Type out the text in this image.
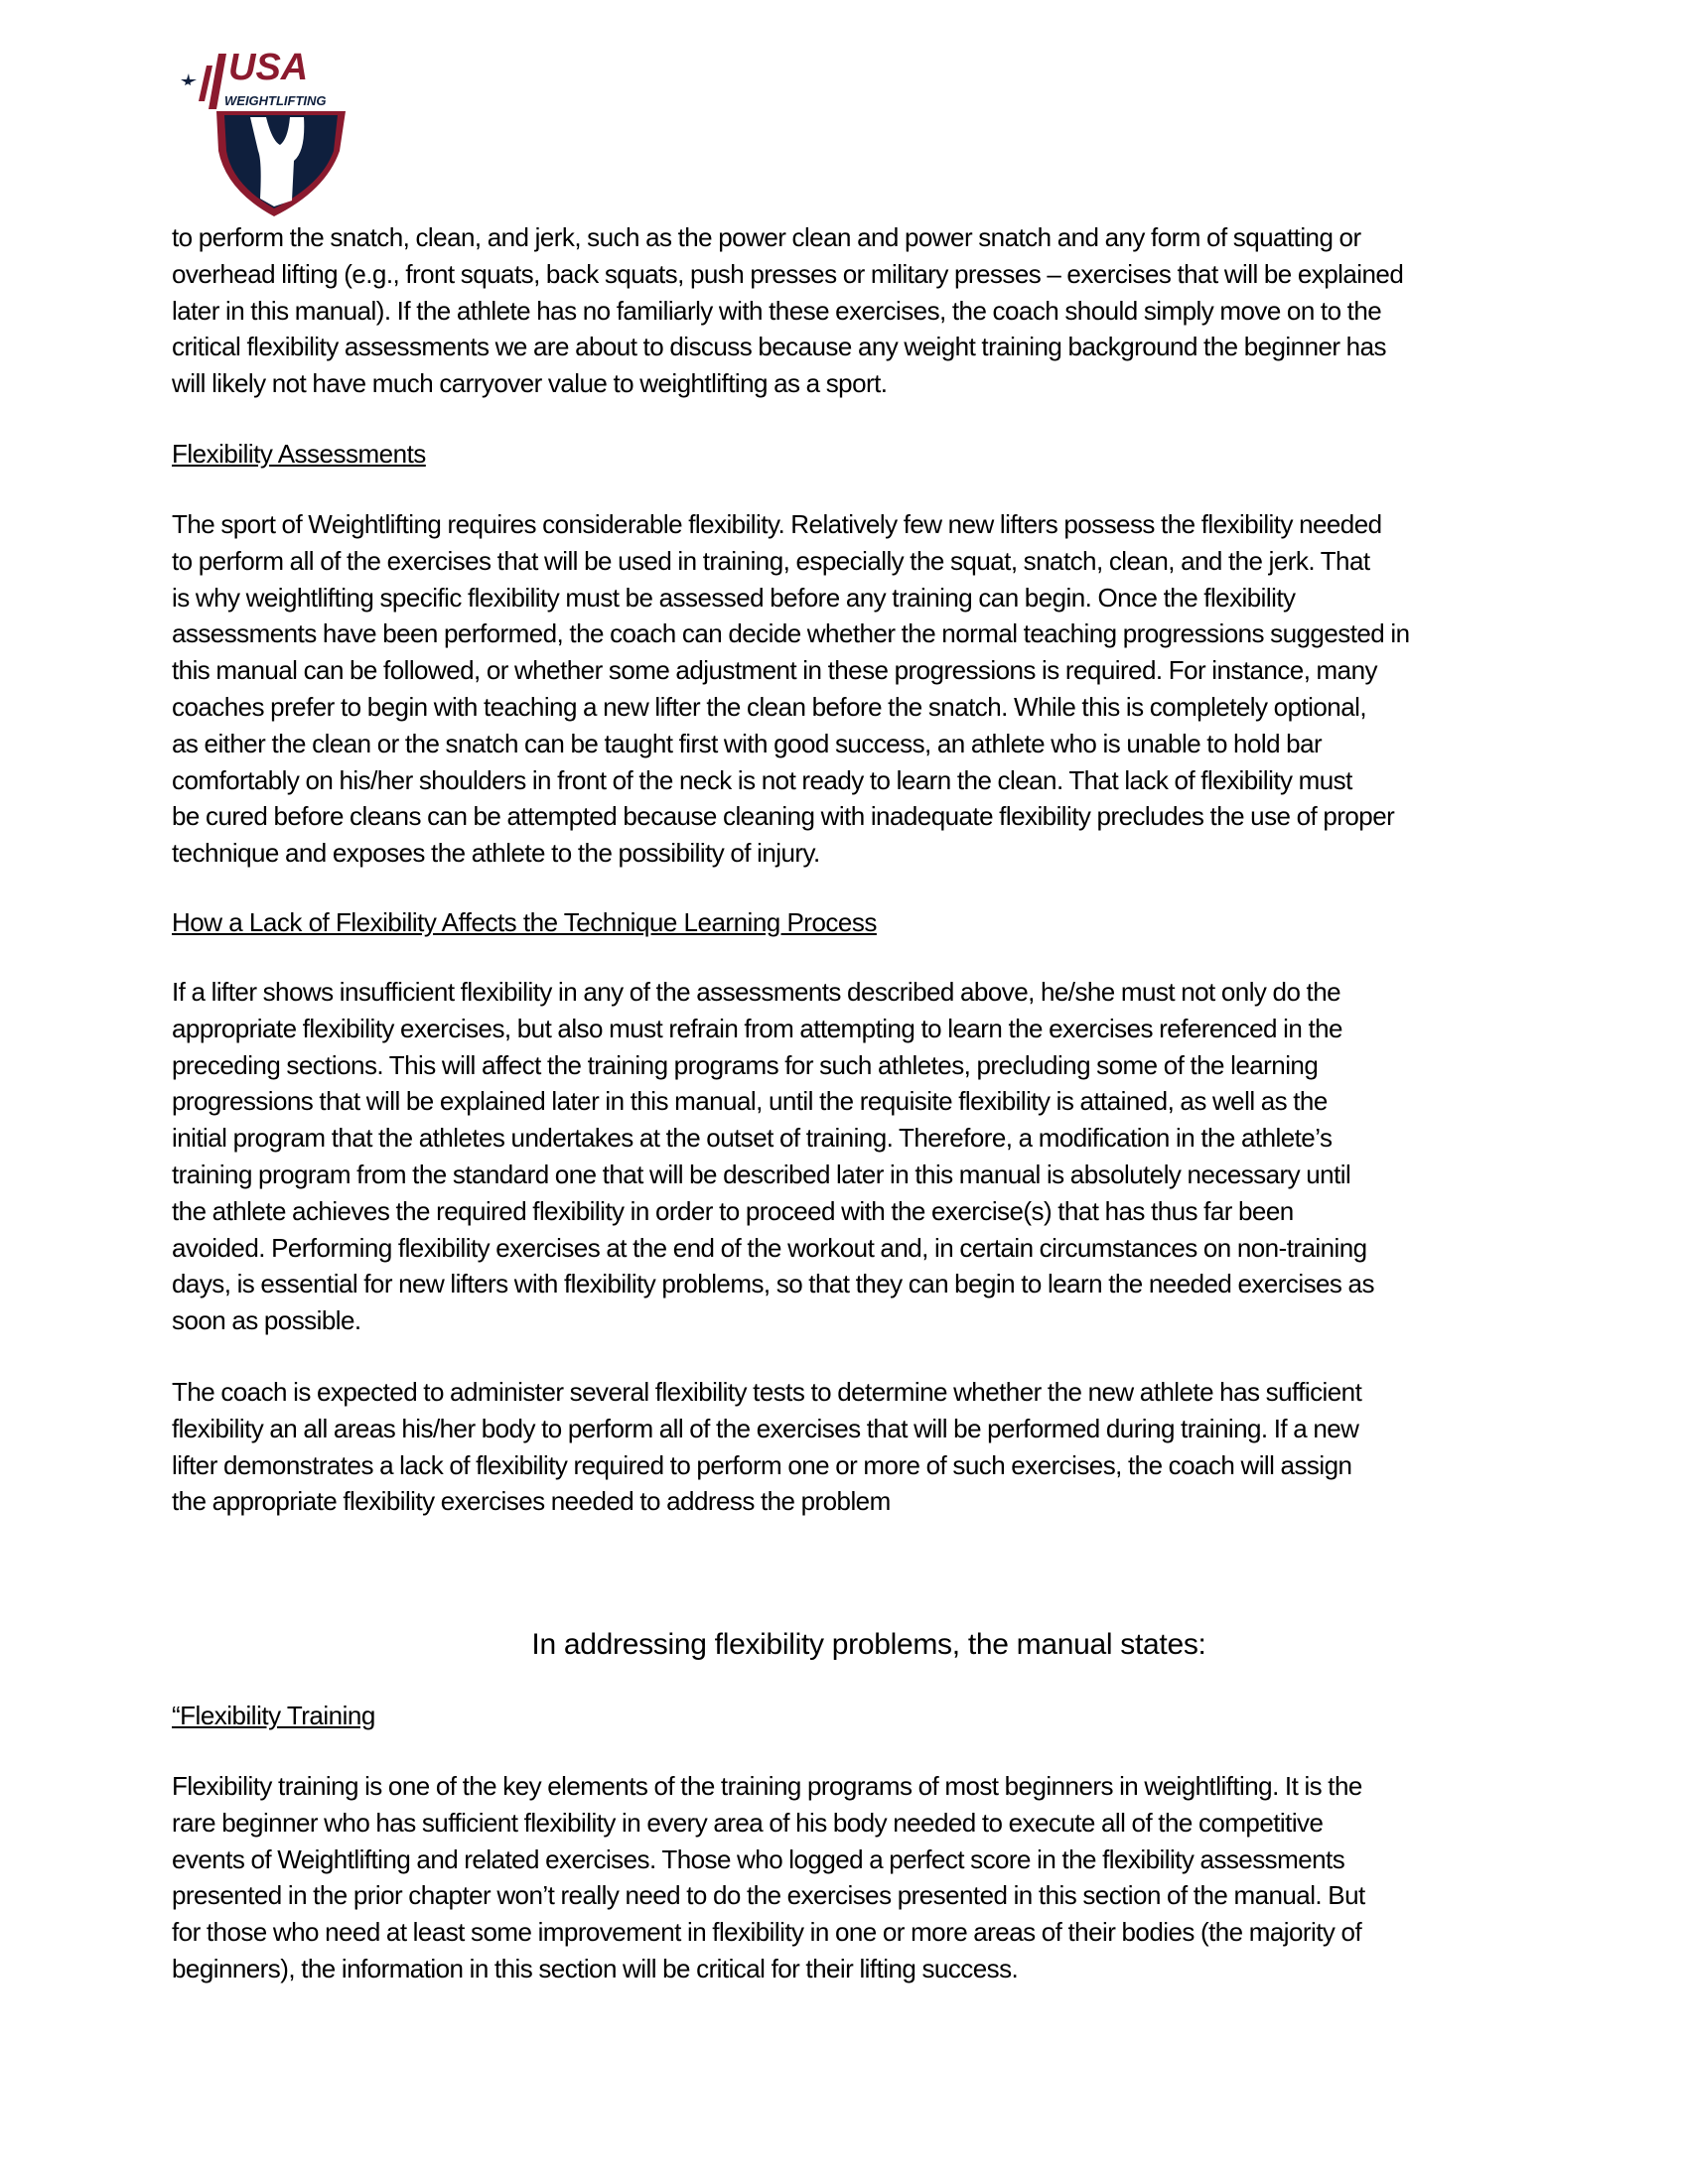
USA
WEIGHTLIFTING
to perform the snatch, clean, and jerk, such as the power clean and power snatch and any form of squatting or
overhead lifting (e.g., front squats, back squats, push presses or military presses – exercises that will be explained
later in this manual). If the athlete has no familiarly with these exercises, the coach should simply move on to the
critical flexibility assessments we are about to discuss because any weight training background the beginner has
will likely not have much carryover value to weightlifting as a sport.
Flexibility Assessments
The sport of Weightlifting requires considerable flexibility. Relatively few new lifters possess the flexibility needed
to perform all of the exercises that will be used in training, especially the squat, snatch, clean, and the jerk. That
is why weightlifting specific flexibility must be assessed before any training can begin. Once the flexibility
assessments have been performed, the coach can decide whether the normal teaching progressions suggested in
this manual can be followed, or whether some adjustment in these progressions is required. For instance, many
coaches prefer to begin with teaching a new lifter the clean before the snatch. While this is completely optional,
as either the clean or the snatch can be taught first with good success, an athlete who is unable to hold bar
comfortably on his/her shoulders in front of the neck is not ready to learn the clean. That lack of flexibility must
be cured before cleans can be attempted because cleaning with inadequate flexibility precludes the use of proper
technique and exposes the athlete to the possibility of injury.
How a Lack of Flexibility Affects the Technique Learning Process
If a lifter shows insufficient flexibility in any of the assessments described above, he/she must not only do the
appropriate flexibility exercises, but also must refrain from attempting to learn the exercises referenced in the
preceding sections. This will affect the training programs for such athletes, precluding some of the learning
progressions that will be explained later in this manual, until the requisite flexibility is attained, as well as the
initial program that the athletes undertakes at the outset of training. Therefore, a modification in the athlete’s
training program from the standard one that will be described later in this manual is absolutely necessary until
the athlete achieves the required flexibility in order to proceed with the exercise(s) that has thus far been
avoided. Performing flexibility exercises at the end of the workout and, in certain circumstances on non-training
days, is essential for new lifters with flexibility problems, so that they can begin to learn the needed exercises as
soon as possible.
The coach is expected to administer several flexibility tests to determine whether the new athlete has sufficient
flexibility an all areas his/her body to perform all of the exercises that will be performed during training. If a new
lifter demonstrates a lack of flexibility required to perform one or more of such exercises, the coach will assign
the appropriate flexibility exercises needed to address the problem
In addressing flexibility problems, the manual states:
“Flexibility Training
Flexibility training is one of the key elements of the training programs of most beginners in weightlifting. It is the
rare beginner who has sufficient flexibility in every area of his body needed to execute all of the competitive
events of Weightlifting and related exercises. Those who logged a perfect score in the flexibility assessments
presented in the prior chapter won’t really need to do the exercises presented in this section of the manual. But
for those who need at least some improvement in flexibility in one or more areas of their bodies (the majority of
beginners), the information in this section will be critical for their lifting success.
